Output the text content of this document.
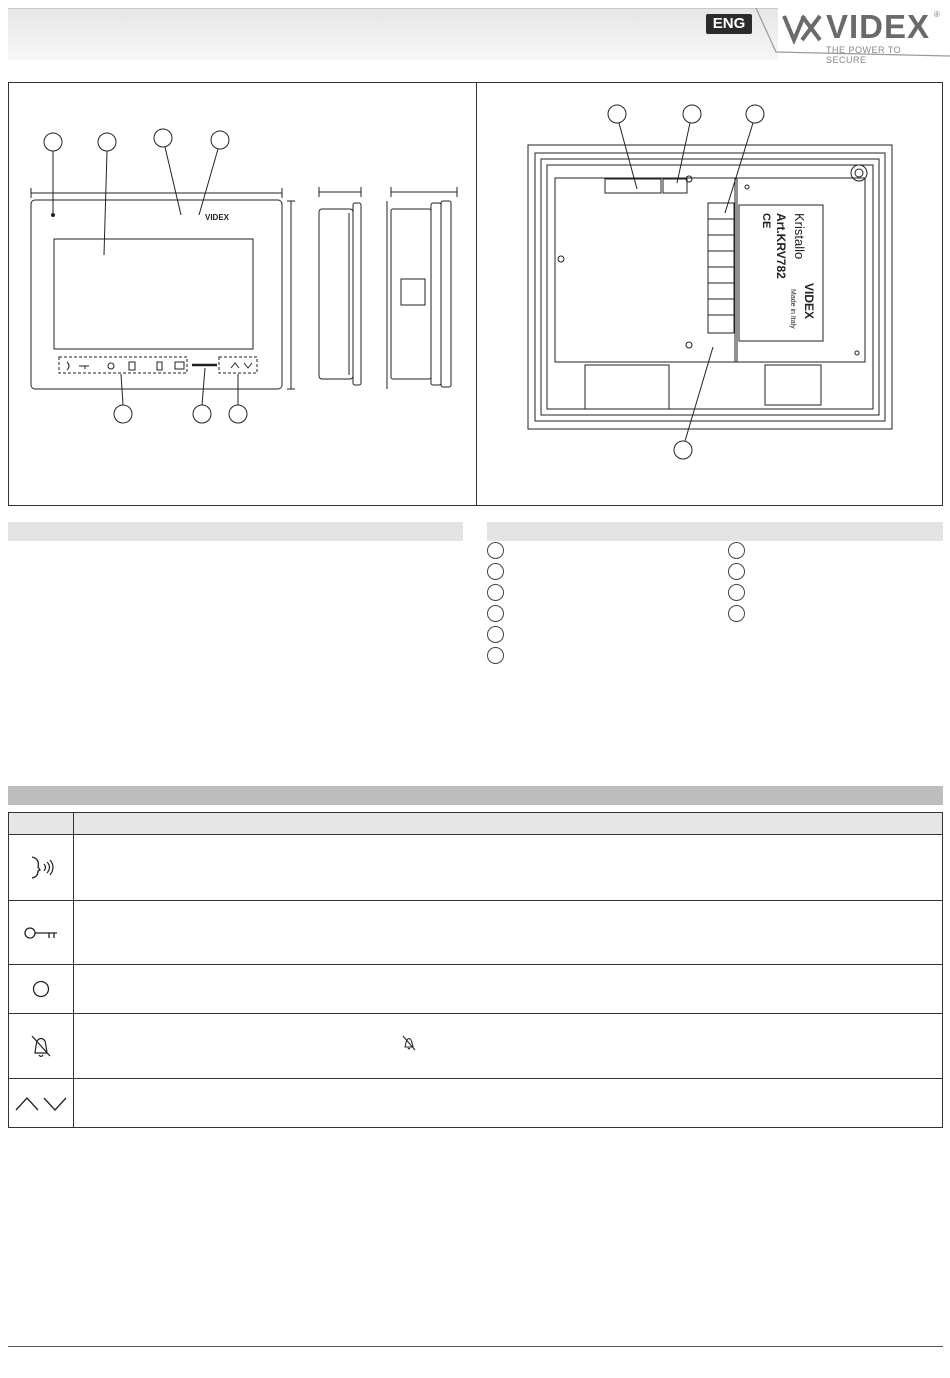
ENG VIDEX ®
THE POWER TO SECURE
VIDEX	Kristallo
Art.KRV782
CE
VIDEX
Made in Italy
